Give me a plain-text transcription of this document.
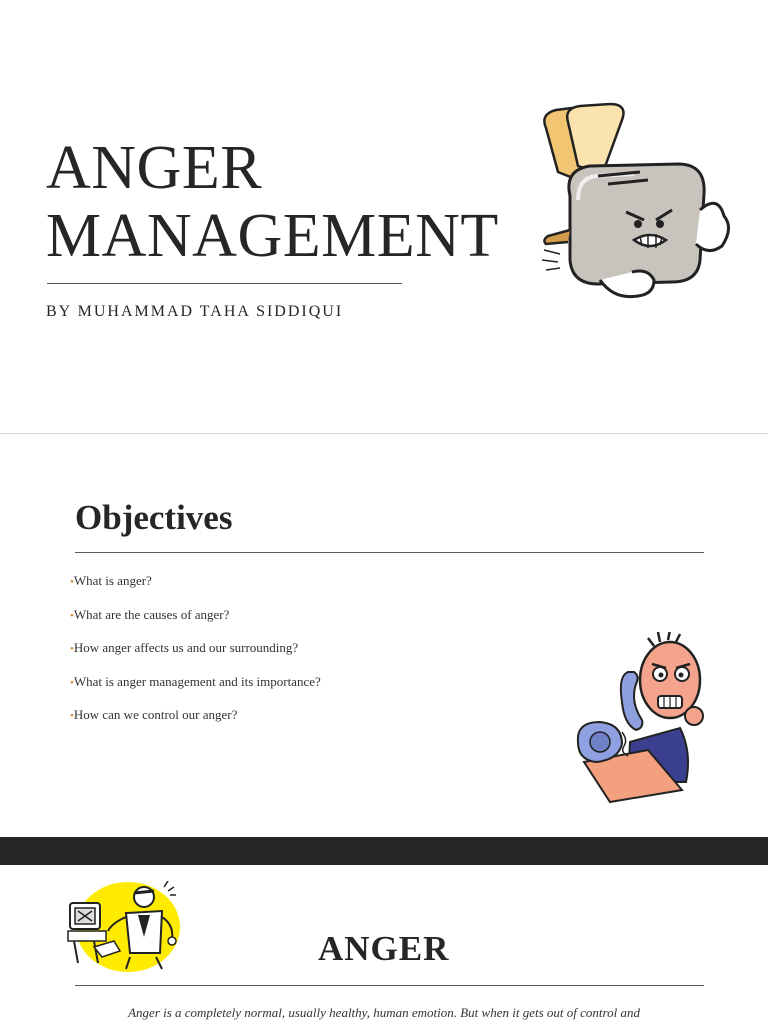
ANGER
MANAGEMENT
BY MUHAMMAD TAHA SIDDIQUI
Objectives
•What is anger?
•What are the causes of anger?
•How anger affects us and our surrounding?
•What is anger management and its importance?
•How can we control our anger?
ANGER

Anger is a completely normal, usually healthy, human emotion. But when it gets out of control and
